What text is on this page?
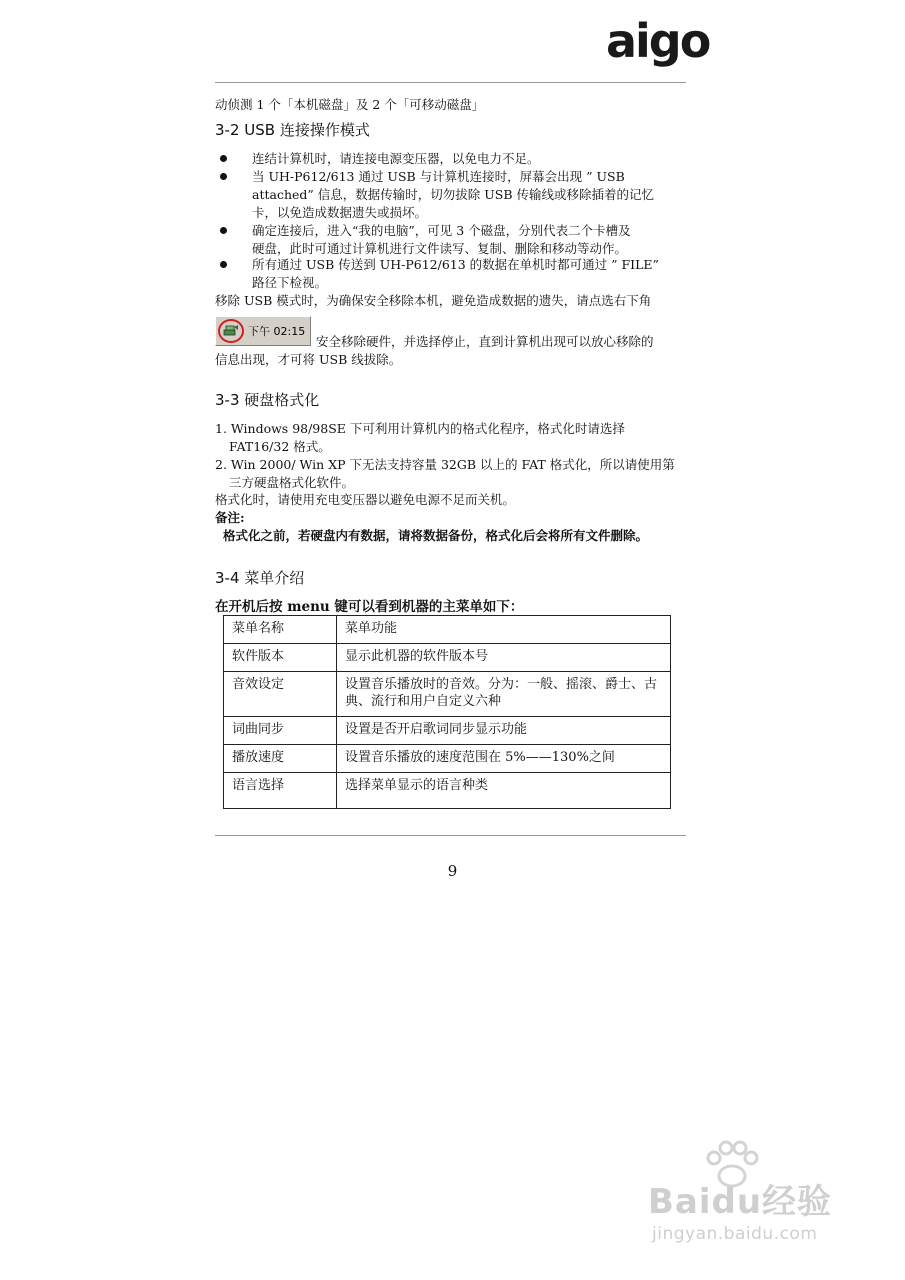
aigo
动侦测 1 个「本机磁盘」及 2 个「可移动磁盘」
3-2 USB 连接操作模式
连结计算机时，请连接电源变压器，以免电力不足。
当 UH-P612/613 通过 USB 与计算机连接时，屏幕会出现 ” USB
attached” 信息，数据传输时，切勿拔除 USB 传输线或移除插着的记忆
卡，以免造成数据遗失或损坏。
确定连接后，进入“我的电脑”，可见 3 个磁盘，分别代表二个卡槽及
硬盘，此时可通过计算机进行文件读写、复制、删除和移动等动作。
所有通过 USB 传送到 UH-P612/613 的数据在单机时都可通过 ” FILE”
路径下检视。
移除 USB 模式时，为确保安全移除本机，避免造成数据的遗失，请点选右下角
下午 02:15
安全移除硬件，并选择停止，直到计算机出现可以放心移除的
信息出现，才可将 USB 线拔除。
3-3 硬盘格式化
1. Windows 98/98SE 下可利用计算机内的格式化程序，格式化时请选择
FAT16/32 格式。
2. Win 2000/ Win XP 下无法支持容量 32GB 以上的 FAT 格式化，所以请使用第
三方硬盘格式化软件。
格式化时，请使用充电变压器以避免电源不足而关机。
备注:
格式化之前，若硬盘内有数据，请将数据备份，格式化后会将所有文件删除。
3-4 菜单介绍
在开机后按 menu 键可以看到机器的主菜单如下：
菜单名称	菜单功能
软件版本	显示此机器的软件版本号
音效设定	设置音乐播放时的音效。分为：一般、摇滚、爵士、古典、流行和用户自定义六种
词曲同步	设置是否开启歌词同步显示功能
播放速度	设置音乐播放的速度范围在 5%——130%之间
语言选择	选择菜单显示的语言种类
9
Baidu经验
jingyan.baidu.com
